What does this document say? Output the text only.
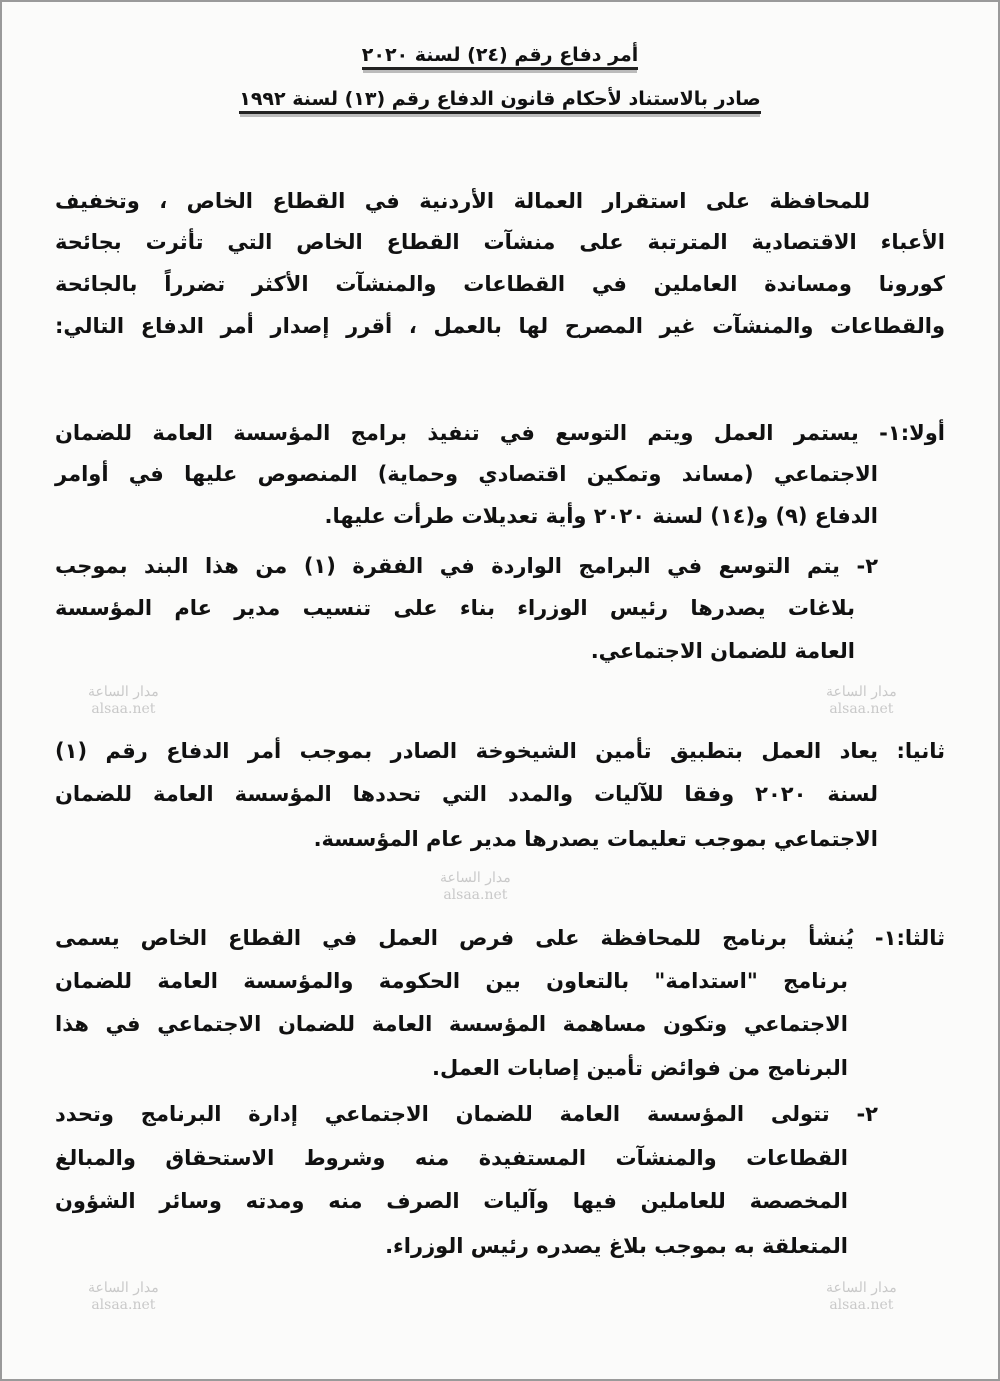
أمر دفاع رقم (٢٤) لسنة ٢٠٢٠
صادر بالاستناد لأحكام قانون الدفاع رقم (١٣) لسنة ١٩٩٢
للمحافظة على استقرار العمالة الأردنية في القطاع الخاص ، وتخفيف
الأعباء الاقتصادية المترتبة على منشآت القطاع الخاص التي تأثرت بجائحة
كورونا ومساندة العاملين في القطاعات والمنشآت الأكثر تضرراً بالجائحة
والقطاعات والمنشآت غير المصرح لها بالعمل ، أقرر إصدار أمر الدفاع التالي:
أولا:١- يستمر العمل ويتم التوسع في تنفيذ برامج المؤسسة العامة للضمان
الاجتماعي (مساند وتمكين اقتصادي وحماية) المنصوص عليها في أوامر
الدفاع (٩) و(١٤) لسنة ٢٠٢٠ وأية تعديلات طرأت عليها.
٢- يتم التوسع في البرامج الواردة في الفقرة (١) من هذا البند بموجب
بلاغات يصدرها رئيس الوزراء بناء على تنسيب مدير عام المؤسسة
العامة للضمان الاجتماعي.
ثانيا: يعاد العمل بتطبيق تأمين الشيخوخة الصادر بموجب أمر الدفاع رقم (١)
لسنة ٢٠٢٠ وفقا للآليات والمدد التي تحددها المؤسسة العامة للضمان
الاجتماعي بموجب تعليمات يصدرها مدير عام المؤسسة.
ثالثا:١- يُنشأ برنامج للمحافظة على فرص العمل في القطاع الخاص يسمى
برنامج "استدامة" بالتعاون بين الحكومة والمؤسسة العامة للضمان
الاجتماعي وتكون مساهمة المؤسسة العامة للضمان الاجتماعي في هذا
البرنامج من فوائض تأمين إصابات العمل.
٢- تتولى المؤسسة العامة للضمان الاجتماعي إدارة البرنامج وتحدد
القطاعات والمنشآت المستفيدة منه وشروط الاستحقاق والمبالغ
المخصصة للعاملين فيها وآليات الصرف منه ومدته وسائر الشؤون
المتعلقة به بموجب بلاغ يصدره رئيس الوزراء.
مدار الساعة
alsaa.net
مدار الساعة
alsaa.net
مدار الساعة
alsaa.net
مدار الساعة
alsaa.net
مدار الساعة
alsaa.net
